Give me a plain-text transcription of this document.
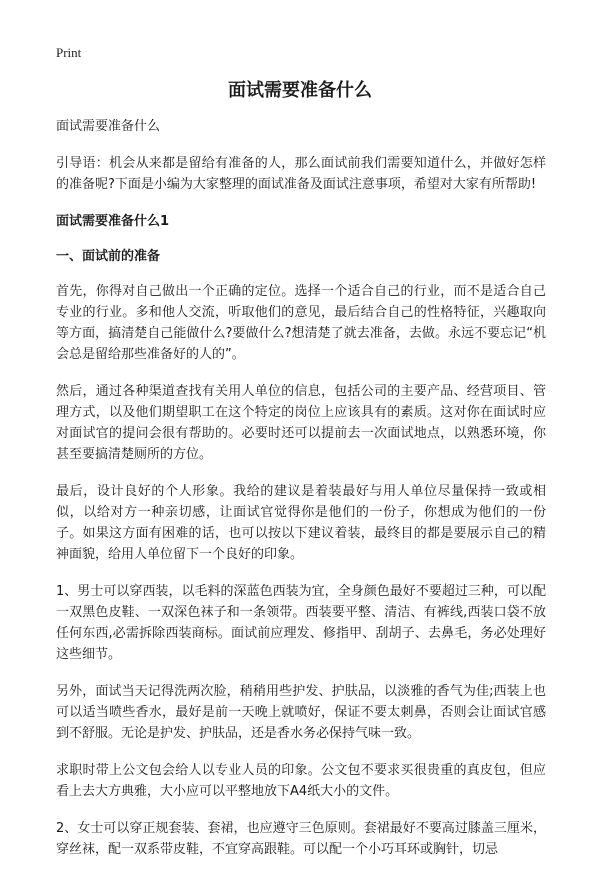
Print
面试需要准备什么

面试需要准备什么

引导语：机会从来都是留给有准备的人，那么面试前我们需要知道什么，并做好怎样的准备呢?下面是小编为大家整理的面试准备及面试注意事项，希望对大家有所帮助!

面试需要准备什么1
一、面试前的准备

首先，你得对自己做出一个正确的定位。选择一个适合自己的行业，而不是适合自己专业的行业。多和他人交流，听取他们的意见，最后结合自己的性格特征，兴趣取向等方面，搞清楚自己能做什么?要做什么?想清楚了就去准备，去做。永远不要忘记“机会总是留给那些准备好的人的”。

然后，通过各种渠道查找有关用人单位的信息，包括公司的主要产品、经营项目、管理方式，以及他们期望职工在这个特定的岗位上应该具有的素质。这对你在面试时应对面试官的提问会很有帮助的。必要时还可以提前去一次面试地点，以熟悉环境，你甚至要搞清楚厕所的方位。

最后，设计良好的个人形象。我给的建议是着装最好与用人单位尽量保持一致或相似，以给对方一种亲切感，让面试官觉得你是他们的一份子，你想成为他们的一份子。如果这方面有困难的话，也可以按以下建议着装，最终目的都是要展示自己的精神面貌，给用人单位留下一个良好的印象。

1、男士可以穿西装，以毛料的深蓝色西装为宜，全身颜色最好不要超过三种，可以配一双黑色皮鞋、一双深色袜子和一条领带。西装要平整、清洁、有裤线,西装口袋不放任何东西,必需拆除西装商标。面试前应理发、修指甲、刮胡子、去鼻毛，务必处理好这些细节。

另外，面试当天记得洗两次脸，稍稍用些护发、护肤品，以淡雅的香气为佳;西装上也可以适当喷些香水，最好是前一天晚上就喷好，保证不要太刺鼻，否则会让面试官感到不舒服。无论是护发、护肤品，还是香水务必保持气味一致。

求职时带上公文包会给人以专业人员的印象。公文包不要求买很贵重的真皮包，但应看上去大方典雅，大小应可以平整地放下A4纸大小的文件。

2、女士可以穿正规套装、套裙，也应遵守三色原则。套裙最好不要高过膝盖三厘米，穿丝袜，配一双系带皮鞋，不宜穿高跟鞋。可以配一个小巧耳环或胸针，切忌
